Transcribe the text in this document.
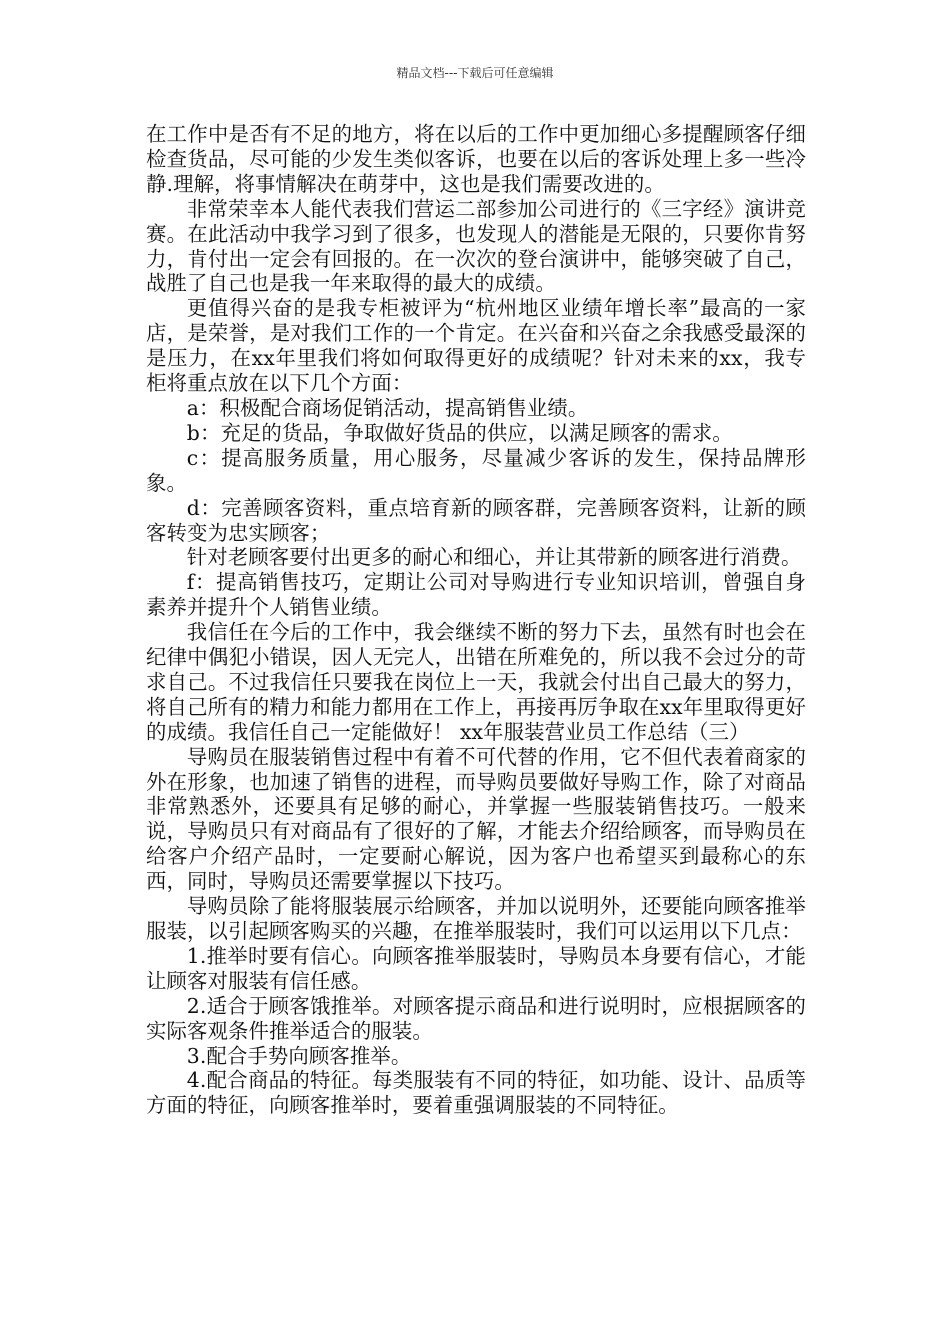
精品文档---下载后可任意编辑

在工作中是否有不足的地方，将在以后的工作中更加细心多提醒顾客仔细检查货品，尽可能的少发生类似客诉，也要在以后的客诉处理上多一些冷静.理解，将事情解决在萌芽中，这也是我们需要改进的。

非常荣幸本人能代表我们营运二部参加公司进行的《三字经》演讲竞赛。在此活动中我学习到了很多，也发现人的潜能是无限的，只要你肯努力，肯付出一定会有回报的。在一次次的登台演讲中，能够突破了自己，战胜了自己也是我一年来取得的最大的成绩。

更值得兴奋的是我专柜被评为“杭州地区业绩年增长率”最高的一家店，是荣誉，是对我们工作的一个肯定。在兴奋和兴奋之余我感受最深的是压力，在xx年里我们将如何取得更好的成绩呢？针对未来的xx，我专柜将重点放在以下几个方面：

a：积极配合商场促销活动，提高销售业绩。

b：充足的货品，争取做好货品的供应，以满足顾客的需求。

c：提高服务质量，用心服务，尽量减少客诉的发生，保持品牌形象。

d：完善顾客资料，重点培育新的顾客群，完善顾客资料，让新的顾客转变为忠实顾客；

针对老顾客要付出更多的耐心和细心，并让其带新的顾客进行消费。

f：提高销售技巧，定期让公司对导购进行专业知识培训，曾强自身素养并提升个人销售业绩。

我信任在今后的工作中，我会继续不断的努力下去，虽然有时也会在纪律中偶犯小错误，因人无完人，出错在所难免的，所以我不会过分的苛求自己。不过我信任只要我在岗位上一天，我就会付出自己最大的努力，将自己所有的精力和能力都用在工作上，再接再厉争取在xx年里取得更好的成绩。我信任自己一定能做好！ xx年服装营业员工作总结（三）

导购员在服装销售过程中有着不可代替的作用，它不但代表着商家的外在形象，也加速了销售的进程，而导购员要做好导购工作，除了对商品非常熟悉外，还要具有足够的耐心，并掌握一些服装销售技巧。一般来说，导购员只有对商品有了很好的了解，才能去介绍给顾客，而导购员在给客户介绍产品时，一定要耐心解说，因为客户也希望买到最称心的东西，同时，导购员还需要掌握以下技巧。

导购员除了能将服装展示给顾客，并加以说明外，还要能向顾客推举服装，以引起顾客购买的兴趣，在推举服装时，我们可以运用以下几点：

1.推举时要有信心。向顾客推举服装时，导购员本身要有信心，才能让顾客对服装有信任感。

2.适合于顾客饿推举。对顾客提示商品和进行说明时，应根据顾客的实际客观条件推举适合的服装。

3.配合手势向顾客推举。

4.配合商品的特征。每类服装有不同的特征，如功能、设计、品质等方面的特征，向顾客推举时，要着重强调服装的不同特征。
